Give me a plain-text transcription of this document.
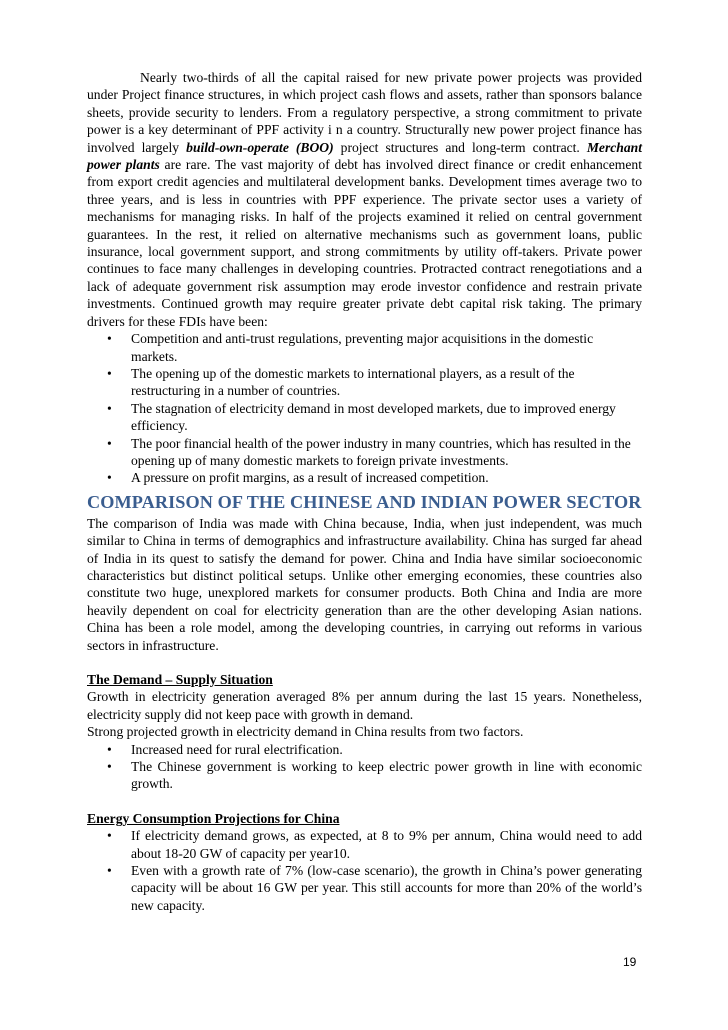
Nearly two-thirds of all the capital raised for new private power projects was provided under Project finance structures, in which project cash flows and assets, rather than sponsors balance sheets, provide security to lenders. From a regulatory perspective, a strong commitment to private power is a key determinant of PPF activity i n a country. Structurally new power project finance has involved largely build-own-operate (BOO) project structures and long-term contract. Merchant power plants are rare. The vast majority of debt has involved direct finance or credit enhancement from export credit agencies and multilateral development banks. Development times average two to three years, and is less in countries with PPF experience. The private sector uses a variety of mechanisms for managing risks. In half of the projects examined it relied on central government guarantees. In the rest, it relied on alternative mechanisms such as government loans, public insurance, local government support, and strong commitments by utility off-takers. Private power continues to face many challenges in developing countries. Protracted contract renegotiations and a lack of adequate government risk assumption may erode investor confidence and restrain private investments. Continued growth may require greater private debt capital risk taking. The primary drivers for these FDIs have been:

• Competition and anti-trust regulations, preventing major acquisitions in the domestic markets.
• The opening up of the domestic markets to international players, as a result of the restructuring in a number of countries.
• The stagnation of electricity demand in most developed markets, due to improved energy efficiency.
• The poor financial health of the power industry in many countries, which has resulted in the opening up of many domestic markets to foreign private investments.
• A pressure on profit margins, as a result of increased competition.
COMPARISON OF THE CHINESE AND INDIAN POWER SECTOR

The comparison of India was made with China because, India, when just independent, was much similar to China in terms of demographics and infrastructure availability. China has surged far ahead of India in its quest to satisfy the demand for power. China and India have similar socioeconomic characteristics but distinct political setups. Unlike other emerging economies, these countries also constitute two huge, unexplored markets for consumer products. Both China and India are more heavily dependent on coal for electricity generation than are the other developing Asian nations. China has been a role model, among the developing countries, in carrying out reforms in various sectors in infrastructure.

The Demand – Supply Situation

Growth in electricity generation averaged 8% per annum during the last 15 years. Nonetheless, electricity supply did not keep pace with growth in demand.

Strong projected growth in electricity demand in China results from two factors.

• Increased need for rural electrification.
• The Chinese government is working to keep electric power growth in line with economic growth.
Energy Consumption Projections for China
• If electricity demand grows, as expected, at 8 to 9% per annum, China would need to add about 18-20 GW of capacity per year10.
• Even with a growth rate of 7% (low-case scenario), the growth in China’s power generating capacity will be about 16 GW per year. This still accounts for more than 20% of the world’s new capacity.
19
